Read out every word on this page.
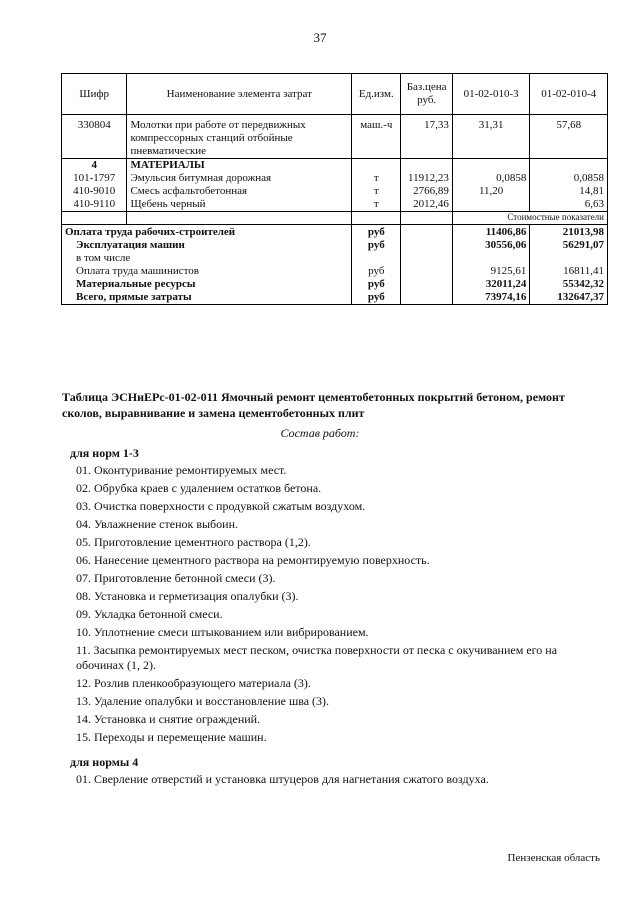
37
Шифр	Наименование элемента затрат	Ед.изм.	Баз.цена руб.	01-02-010-3	01-02-010-4
330804	Молотки при работе от передвижных компрессорных станций отбойные пневматические	маш.-ч	17,33	31,31	57,68
4	МАТЕРИАЛЫ				
101-1797	Эмульсия битумная дорожная	т	11912,23	0,0858	0,0858
410-9010	Смесь асфальтобетонная	т	2766,89	11,20	14,81
410-9110	Щебень черный	т	2012,46		6,63
				Стоимостные показатели	
Оплата труда рабочих-строителей		руб		11406,86	21013,98
Эксплуатация машин		руб		30556,06	56291,07
в том числе					
Оплата труда машинистов		руб		9125,61	16811,41
Материальные ресурсы		руб		32011,24	55342,32
Всего, прямые затраты		руб		73974,16	132647,37
Таблица ЭСНиЕРс-01-02-011 Ямочный ремонт цементобетонных покрытий бетоном, ремонт сколов, выравнивание и замена цементобетонных плит
Состав работ:
для норм 1-3
01. Оконтуривание ремонтируемых мест.
02. Обрубка краев с удалением остатков бетона.
03. Очистка поверхности с продувкой сжатым воздухом.
04. Увлажнение стенок выбоин.
05. Приготовление цементного раствора (1,2).
06. Нанесение цементного раствора на ремонтируемую поверхность.
07. Приготовление бетонной смеси (3).
08. Установка и герметизация опалубки (3).
09. Укладка бетонной смеси.
10. Уплотнение смеси штыкованием или вибрированием.
11. Засыпка ремонтируемых мест песком, очистка поверхности от песка с окучиванием его на обочинах (1, 2).
12. Розлив пленкообразующего материала (3).
13. Удаление опалубки и восстановление шва (3).
14. Установка и снятие ограждений.
15. Переходы и перемещение машин.
для нормы 4
01. Сверление отверстий и установка штуцеров для нагнетания сжатого воздуха.
Пензенская область
